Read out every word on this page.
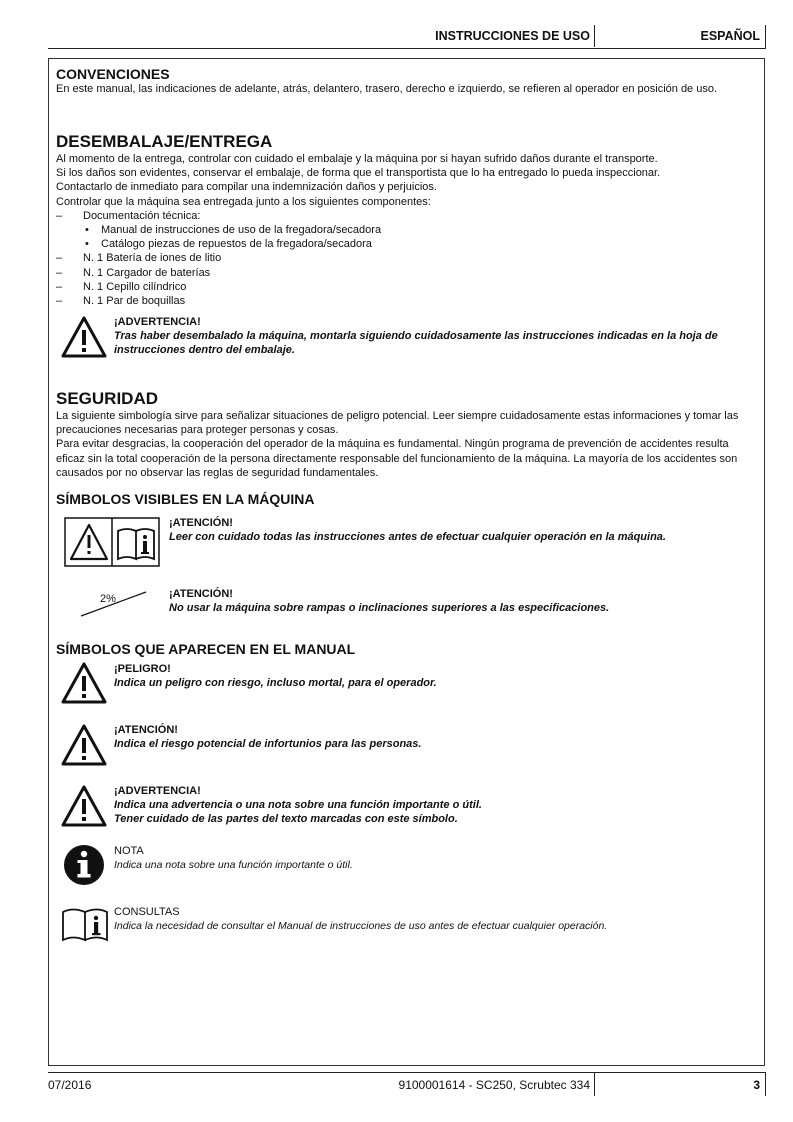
INSTRUCCIONES DE USO	ESPAÑOL
CONVENCIONES
En este manual, las indicaciones de adelante, atrás, delantero, trasero, derecho e izquierdo, se refieren al operador en posición de uso.
DESEMBALAJE/ENTREGA
Al momento de la entrega, controlar con cuidado el embalaje y la máquina por si hayan sufrido daños durante el transporte.
Si los daños son evidentes, conservar el embalaje, de forma que el transportista que lo ha entregado lo pueda inspeccionar.
Contactarlo de inmediato para compilar una indemnización daños y perjuicios.
Controlar que la máquina sea entregada junto a los siguientes componentes:
– Documentación técnica:
• Manual de instrucciones de uso de la fregadora/secadora
• Catálogo piezas de repuestos de la fregadora/secadora
– N. 1 Batería de iones de litio
– N. 1 Cargador de baterías
– N. 1 Cepillo cilíndrico
– N. 1 Par de boquillas
¡ADVERTENCIA!
Tras haber desembalado la máquina, montarla siguiendo cuidadosamente las instrucciones indicadas en la hoja de instrucciones dentro del embalaje.
SEGURIDAD
La siguiente simbología sirve para señalizar situaciones de peligro potencial. Leer siempre cuidadosamente estas informaciones y tomar las precauciones necesarias para proteger personas y cosas.
Para evitar desgracias, la cooperación del operador de la máquina es fundamental. Ningún programa de prevención de accidentes resulta eficaz sin la total cooperación de la persona directamente responsable del funcionamiento de la máquina. La mayoría de los accidentes son causados por no observar las reglas de seguridad fundamentales.
SÍMBOLOS VISIBLES EN LA MÁQUINA
¡ATENCIÓN!
Leer con cuidado todas las instrucciones antes de efectuar cualquier operación en la máquina.
2%	¡ATENCIÓN!
No usar la máquina sobre rampas o inclinaciones superiores a las especificaciones.
SÍMBOLOS QUE APARECEN EN EL MANUAL
¡PELIGRO!
Indica un peligro con riesgo, incluso mortal, para el operador.
¡ATENCIÓN!
Indica el riesgo potencial de infortunios para las personas.
¡ADVERTENCIA!
Indica una advertencia o una nota sobre una función importante o útil.
Tener cuidado de las partes del texto marcadas con este símbolo.
NOTA
Indica una nota sobre una función importante o útil.
CONSULTAS
Indica la necesidad de consultar el Manual de instrucciones de uso antes de efectuar cualquier operación.
07/2016	9100001614 - SC250, Scrubtec 334	3
